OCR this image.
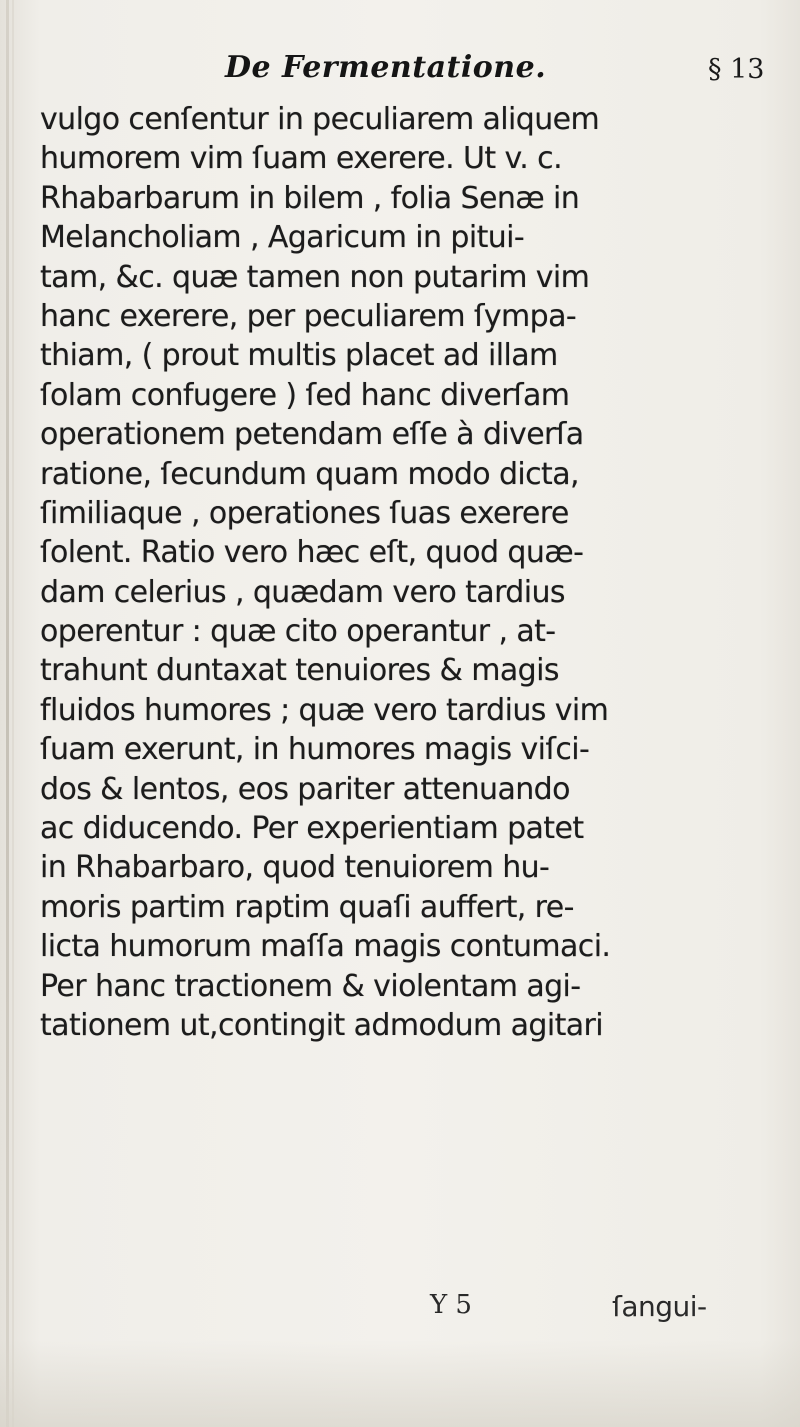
De Fermentatione.	§ 13
vulgo cenſentur in peculiarem aliquem
humorem vim ſuam exerere. Ut v. c.
Rhabarbarum in bilem , folia Senæ in
Melancholiam , Agaricum in pitui-
tam, &c. quæ tamen non putarim vim
hanc exerere, per peculiarem ſympa-
thiam, ( prout multis placet ad illam
ſolam confugere ) ſed hanc diverſam
operationem petendam eſſe à diverſa
ratione, ſecundum quam modo dicta,
ſimiliaque , operationes ſuas exerere
ſolent. Ratio vero hæc eſt, quod quæ-
dam celerius , quædam vero tardius
operentur : quæ cito operantur , at-
trahunt duntaxat tenuiores & magis
fluidos humores ; quæ vero tardius vim
ſuam exerunt, in humores magis viſci-
dos & lentos, eos pariter attenuando
ac diducendo. Per experientiam patet
in Rhabarbaro, quod tenuiorem hu-
moris partim raptim quaſi auffert, re-
licta humorum maſſa magis contumaci.
Per hanc tractionem & violentam agi-
tationem ut,contingit admodum agitari
Y 5	ſangui-
